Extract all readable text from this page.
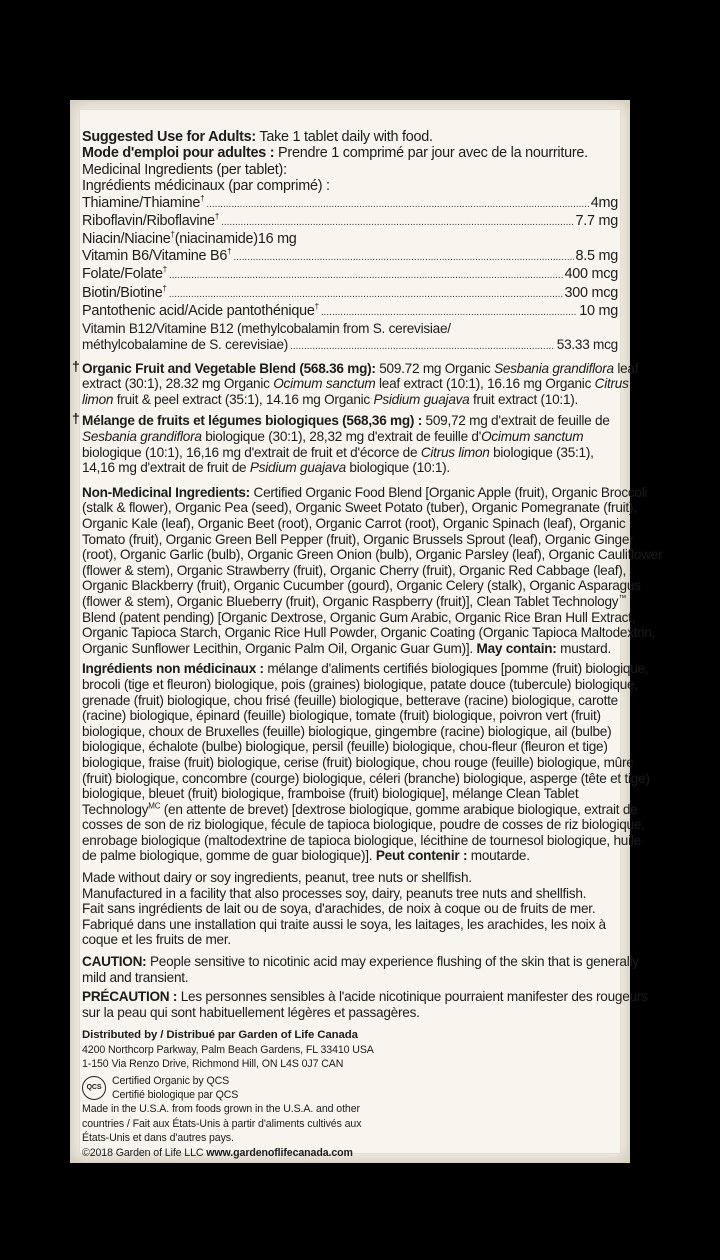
Suggested Use for Adults: Take 1 tablet daily with food.
Mode d'emploi pour adultes : Prendre 1 comprimé par jour avec de la nourriture.
Medicinal Ingredients (per tablet):
Ingrédients médicinaux (par comprimé) :
Thiamine/Thiamine† .....	4mg
Riboflavin/Riboflavine† .....	7.7 mg
Niacin/Niacine†(niacinamide)16 mg
Vitamin B6/Vitamine B6† .....	8.5 mg
Folate/Folate† .....	400 mcg
Biotin/Biotine† .....	300 mcg
Pantothenic acid/Acide pantothénique† .....	10 mg
Vitamin B12/Vitamine B12 (methylcobalamin from S. cerevisiae/
méthylcobalamine de S. cerevisiae) .....	53.33 mcg
† Organic Fruit and Vegetable Blend (568.36 mg): 509.72 mg Organic Sesbania grandiflora leaf
extract (30:1), 28.32 mg Organic Ocimum sanctum leaf extract (10:1), 16.16 mg Organic Citrus
limon fruit & peel extract (35:1), 14.16 mg Organic Psidium guajava fruit extract (10:1).
† Mélange de fruits et légumes biologiques (568,36 mg) : 509,72 mg d'extrait de feuille de
Sesbania grandiflora biologique (30:1), 28,32 mg d'extrait de feuille d'Ocimum sanctum
biologique (10:1), 16,16 mg d'extrait de fruit et d'écorce de Citrus limon biologique (35:1),
14,16 mg d'extrait de fruit de Psidium guajava biologique (10:1).
Non-Medicinal Ingredients: Certified Organic Food Blend [Organic Apple (fruit), Organic Broccoli
(stalk & flower), Organic Pea (seed), Organic Sweet Potato (tuber), Organic Pomegranate (fruit),
Organic Kale (leaf), Organic Beet (root), Organic Carrot (root), Organic Spinach (leaf), Organic
Tomato (fruit), Organic Green Bell Pepper (fruit), Organic Brussels Sprout (leaf), Organic Ginger
(root), Organic Garlic (bulb), Organic Green Onion (bulb), Organic Parsley (leaf), Organic Cauliflower
(flower & stem), Organic Strawberry (fruit), Organic Cherry (fruit), Organic Red Cabbage (leaf),
Organic Blackberry (fruit), Organic Cucumber (gourd), Organic Celery (stalk), Organic Asparagus
(flower & stem), Organic Blueberry (fruit), Organic Raspberry (fruit)], Clean Tablet Technology™
Blend (patent pending) [Organic Dextrose, Organic Gum Arabic, Organic Rice Bran Hull Extract,
Organic Tapioca Starch, Organic Rice Hull Powder, Organic Coating (Organic Tapioca Maltodextrin,
Organic Sunflower Lecithin, Organic Palm Oil, Organic Guar Gum)]. May contain: mustard.
Ingrédients non médicinaux : mélange d'aliments certifiés biologiques [pomme (fruit) biologique,
brocoli (tige et fleuron) biologique, pois (graines) biologique, patate douce (tubercule) biologique,
grenade (fruit) biologique, chou frisé (feuille) biologique, betterave (racine) biologique, carotte
(racine) biologique, épinard (feuille) biologique, tomate (fruit) biologique, poivron vert (fruit)
biologique, choux de Bruxelles (feuille) biologique, gingembre (racine) biologique, ail (bulbe)
biologique, échalote (bulbe) biologique, persil (feuille) biologique, chou-fleur (fleuron et tige)
biologique, fraise (fruit) biologique, cerise (fruit) biologique, chou rouge (feuille) biologique, mûre
(fruit) biologique, concombre (courge) biologique, céleri (branche) biologique, asperge (tête et tige)
biologique, bleuet (fruit) biologique, framboise (fruit) biologique], mélange Clean Tablet
Technology$^{MC}$ (en attente de brevet) [dextrose biologique, gomme arabique biologique, extrait de
cosses de son de riz biologique, fécule de tapioca biologique, poudre de cosses de riz biologique,
enrobage biologique (maltodextrine de tapioca biologique, lécithine de tournesol biologique, huile
de palme biologique, gomme de guar biologique)]. Peut contenir : moutarde.
Made without dairy or soy ingredients, peanut, tree nuts or shellfish.
Manufactured in a facility that also processes soy, dairy, peanuts tree nuts and shellfish.
Fait sans ingrédients de lait ou de soya, d'arachides, de noix à coque ou de fruits de mer.
Fabriqué dans une installation qui traite aussi le soya, les laitages, les arachides, les noix à
coque et les fruits de mer.
CAUTION: People sensitive to nicotinic acid may experience flushing of the skin that is generally
mild and transient.
PRÉCAUTION : Les personnes sensibles à l'acide nicotinique pourraient manifester des rougeurs
sur la peau qui sont habituellement légères et passagères.
Distributed by / Distribué par Garden of Life Canada
4200 Northcorp Parkway, Palm Beach Gardens, FL 33410 USA
1-150 Via Renzo Drive, Richmond Hill, ON L4S 0J7 CAN
QCS
Certified Organic by QCS
Certifié biologique par QCS
Made in the U.S.A. from foods grown in the U.S.A. and other
countries / Fait aux États-Unis à partir d'aliments cultivés aux
États-Unis et dans d'autres pays.
©2018 Garden of Life LLC www.gardenoflifecanada.com
